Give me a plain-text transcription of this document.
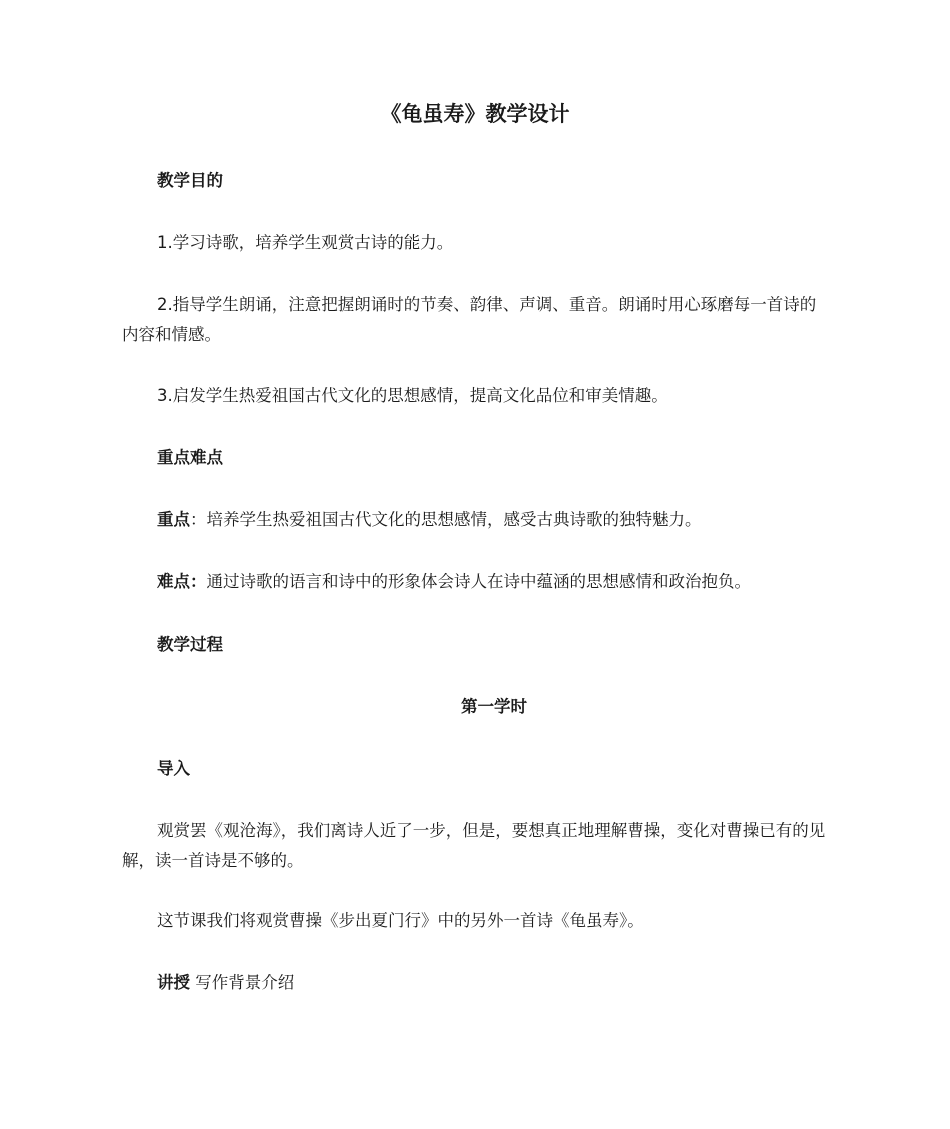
《龟虽寿》教学设计
教学目的
1.学习诗歌，培养学生观赏古诗的能力。
2.指导学生朗诵，注意把握朗诵时的节奏、韵律、声调、重音。朗诵时用心琢磨每一首诗的内容和情感。
3.启发学生热爱祖国古代文化的思想感情，提高文化品位和审美情趣。
重点难点
重点：培养学生热爱祖国古代文化的思想感情，感受古典诗歌的独特魅力。
难点：通过诗歌的语言和诗中的形象体会诗人在诗中蕴涵的思想感情和政治抱负。
教学过程
第一学时
导入
观赏罢《观沧海》，我们离诗人近了一步，但是，要想真正地理解曹操，变化对曹操已有的见解，读一首诗是不够的。
这节课我们将观赏曹操《步出夏门行》中的另外一首诗《龟虽寿》。
讲授 写作背景介绍
